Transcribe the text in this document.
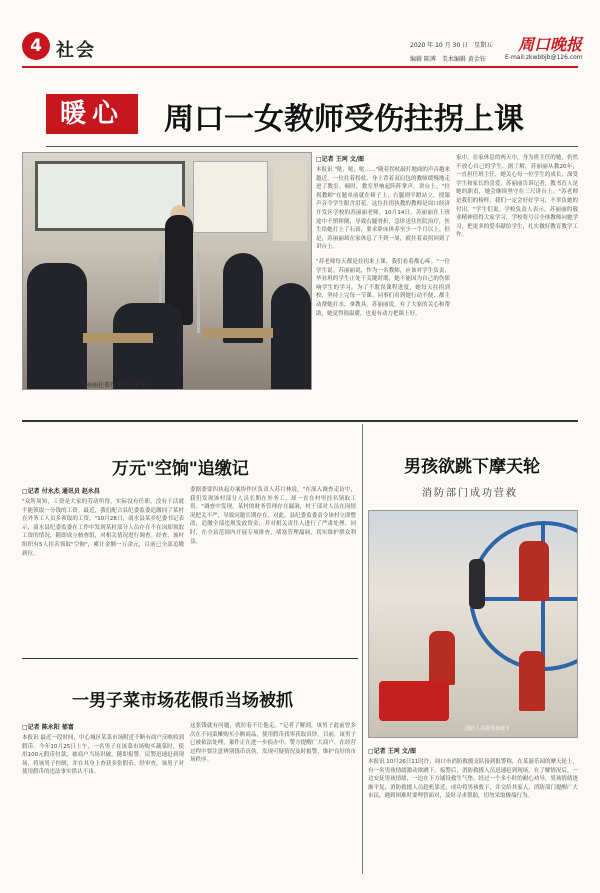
4 社会	2020 年 10 月 30 日　星期五
编辑 陈博　美术编辑 黄金钰
周口晚报
E-mail:zkwbbjb@126.com
暖心	周口一女教师受伤拄拐上课
苏丽丽拄着拐为学生上课
□记者 王珂 文/图
本报讯 "哒，哒，哒……"随着拐杖敲打地面的声音越来越近，一位拄着拐杖、身上背着双肩包的教师缓慢地走进了教室。顿时，教室里响起阵阵掌声。讲台上，"拄拐教师"在题单前就在椅子上，右腿则半蹬站立，授课声音令学生眼含泪花。这位拄拐执教的教师是周口经济开发区学校的苏丽丽老师。10月14日，苏丽丽在上班途中不慎摔倒，导致右腿骨折，急诊送往医院治疗，医生给她打上了石膏，要求卧床休养至少一个月以上。但是，苏丽丽却在家休息了不到一周，就拄着双拐回到了讲台上。
"苏老师每天都是拄拐来上课，我们看着都心疼。"一位学生说。苏丽丽说，作为一名教师，应该对学生负责，毕业班的学生正处于关键时期，她不能因为自己的伤影响学生的学习。为了不耽误课程进度，她每天拄拐到校，坚持上完每一节课。同事们看到她行动不便，都主动帮她打水、拿教具。苏丽丽说，有了大家的关心和帮助，她觉得很温暖，也更有动力把课上好。
家中，在家休息的两天中，身为班主任的她，仍然不放心自己的学生。据了解，苏丽丽从教20年，一直担任班主任，她关心每一位学生的成长，深受学生和家长的喜爱。苏丽丽告诉记者，教书育人是她的职责，她会继续坚守在三尺讲台上。"苏老师是我们的榜样，我们一定会好好学习，不辜负她的付出。"学生们说。学校负责人表示，苏丽丽的敬业精神值得大家学习，学校将号召全体教师向她学习，把更多的爱奉献给学生，扎实做好教育教学工作。
万元"空饷"追缴记
□记者 付永杰 通讯员 赵永昌
"众所周知，工资是大家的劳动所得，实际没有任职、没有干活就不能领取一分钱的工资。最近，我们配合县纪委监委追缴回了某村在外务工人员多领取的工资。"10月28日，商水县某乡纪委书记表示，商水县纪委监委在工作中发现某村部分人员存在不在岗却领取工资的情况，随即成立核查组，对相关情况进行调查。经查，该村组织有5人挂名领取"空饷"，累计金额一万余元，目前已全部追缴到位。
委据委要四执起办案协作区负责人苏月林说，"在深入调查走访中，我们发现该村部分人员长期在外务工，却一直在村里挂名领取工资。"调查中发现，某村的财务管理存在漏洞，村干部对人员在岗情况把关不严，导致问题长期存在。对此，县纪委监委责令该村立即整改，追缴全部违规发放资金，并对相关责任人进行了严肃处理。同时，在全县范围内开展专项排查，堵塞管理漏洞，切实维护群众利益。
男孩欲跳下摩天轮
消防部门成功营救
消防人员将男孩救下
□记者 王珂 文/图
本报讯 10月26日11时许，周口市消防救援支队接到报警称，在某游乐园的摩天轮上，有一名男孩情绪激动欲跳下。接警后，消防救援人员迅速赶到现场，在了解情况后，一边安抚男孩情绪，一边在下方铺设救生气垫。经过一个多小时的耐心劝导，男孩情绪逐渐平复，消防救援人员趁机靠近，成功将男孩救下，并交给其家人。消防部门提醒广大市民，遇到困难时要理智面对，及时寻求帮助，切勿采取极端行为。
一男子菜市场花假币当场被抓
□记者 陈永阳 郁富
本报讯 最近一段时间，中心城区某菜市场附近不断有商户反映收到假币。今年10月25日上午，一名男子在该菜市场购买蔬菜时，使用100元假币付款，被商户当场识破，随即报警。民警迅速赶到现场，将该男子控制，并在其身上查获多张假币。经审查，该男子对使用假币的违法事实供认不讳。
这张钱就有问题，就拉着不让他走。"记者了解到，该男子此前曾多次在不同菜摊购买小额商品，使用假币找零获取真钞。目前，该男子已被依法处理，案件正在进一步侦办中。警方提醒广大商户，在经营过程中要注意辨别钱币真伪，发现可疑情况及时报警，维护良好的市场秩序。
